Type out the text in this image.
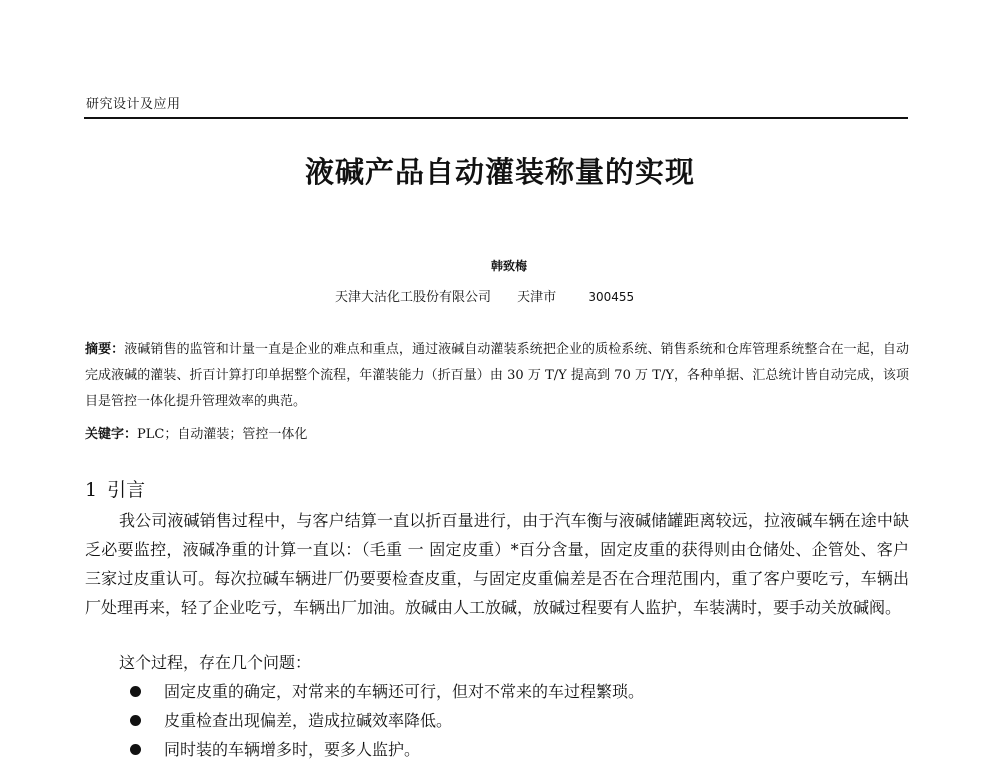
研究设计及应用
液碱产品自动灌装称量的实现
韩致梅
天津大沽化工股份有限公司 天津市	300455

摘要：液碱销售的监管和计量一直是企业的难点和重点，通过液碱自动灌装系统把企业的质检系统、销售系统和仓库管理系统整合在一起，自动完成液碱的灌装、折百计算打印单据整个流程，年灌装能力（折百量）由 30 万 T/Y 提高到 70 万 T/Y，各种单据、汇总统计皆自动完成，该项目是管控一体化提升管理效率的典范。

关键字：PLC；自动灌装；管控一体化

1 引言

我公司液碱销售过程中，与客户结算一直以折百量进行，由于汽车衡与液碱储罐距离较远，拉液碱车辆在途中缺乏必要监控，液碱净重的计算一直以：（毛重 一 固定皮重）*百分含量，固定皮重的获得则由仓储处、企管处、客户三家过皮重认可。每次拉碱车辆进厂仍要要检查皮重，与固定皮重偏差是否在合理范围内，重了客户要吃亏，车辆出厂处理再来，轻了企业吃亏，车辆出厂加油。放碱由人工放碱，放碱过程要有人监护，车装满时，要手动关放碱阀。

这个过程，存在几个问题：

固定皮重的确定，对常来的车辆还可行，但对不常来的车过程繁琐。
皮重检查出现偏差，造成拉碱效率降低。
同时装的车辆增多时，要多人监护。
